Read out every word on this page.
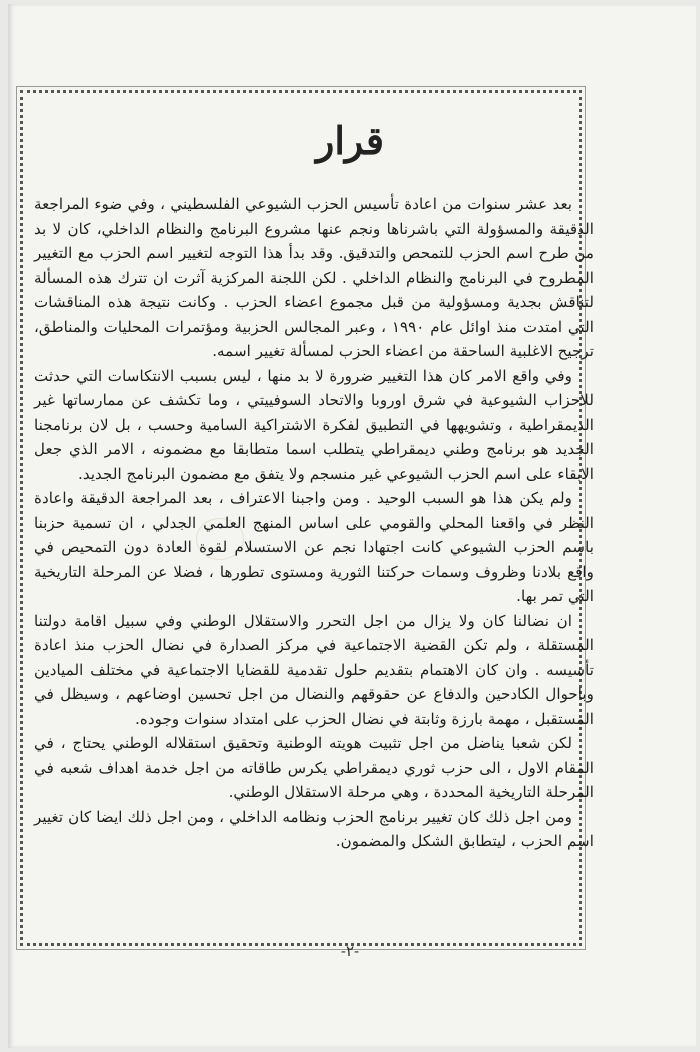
قرار

بعد عشر سنوات من اعادة تأسيس الحزب الشيوعي الفلسطيني ، وفي ضوء المراجعة الدقيقة والمسؤولة التي باشرناها ونجم عنها مشروع البرنامج والنظام الداخلي، كان لا بد من طرح اسم الحزب للتمحص والتدقيق. وقد بدأ هذا التوجه لتغيير اسم الحزب مع التغيير المطروح في البرنامج والنظام الداخلي . لكن اللجنة المركزية آثرت ان تترك هذه المسألة لتناقش بجدية ومسؤولية من قبل مجموع اعضاء الحزب . وكانت نتيجة هذه المناقشات التي امتدت منذ اوائل عام ١٩٩٠ ، وعبر المجالس الحزبية ومؤتمرات المحليات والمناطق، ترجيح الاغلبية الساحقة من اعضاء الحزب لمسألة تغيير اسمه.

وفي واقع الامر كان هذا التغيير ضرورة لا بد منها ، ليس بسبب الانتكاسات التي حدثت للاحزاب الشيوعية في شرق اوروبا والاتحاد السوفييتي ، وما تكشف عن ممارساتها غير الديمقراطية ، وتشويهها في التطبيق لفكرة الاشتراكية السامية وحسب ، بل لان برنامجنا الجديد هو برنامج وطني ديمقراطي يتطلب اسما متطابقا مع مضمونه ، الامر الذي جعل الابقاء على اسم الحزب الشيوعي غير منسجم ولا يتفق مع مضمون البرنامج الجديد.

ولم يكن هذا هو السبب الوحيد . ومن واجبنا الاعتراف ، بعد المراجعة الدقيقة واعادة النظر في واقعنا المحلي والقومي على اساس المنهج العلمي الجدلي ، ان تسمية حزبنا باسم الحزب الشيوعي كانت اجتهادا نجم عن الاستسلام لقوة العادة دون التمحيص في واقع بلادنا وظروف وسمات حركتنا الثورية ومستوى تطورها ، فضلا عن المرحلة التاريخية التي تمر بها.

ان نضالنا كان ولا يزال من اجل التحرر والاستقلال الوطني وفي سبيل اقامة دولتنا المستقلة ، ولم تكن القضية الاجتماعية في مركز الصدارة في نضال الحزب منذ اعادة تأسيسه . وان كان الاهتمام بتقديم حلول تقدمية للقضايا الاجتماعية في مختلف الميادين وباحوال الكادحين والدفاع عن حقوقهم والنضال من اجل تحسين اوضاعهم ، وسيظل في المستقبل ، مهمة بارزة وثابتة في نضال الحزب على امتداد سنوات وجوده.

لكن شعبا يناضل من اجل تثبيت هويته الوطنية وتحقيق استقلاله الوطني يحتاج ، في المقام الاول ، الى حزب ثوري ديمقراطي يكرس طاقاته من اجل خدمة اهداف شعبه في المرحلة التاريخية المحددة ، وهي مرحلة الاستقلال الوطني.

ومن اجل ذلك كان تغيير برنامج الحزب ونظامه الداخلي ، ومن اجل ذلك ايضا كان تغيير اسم الحزب ، ليتطابق الشكل والمضمون.

-٢-
